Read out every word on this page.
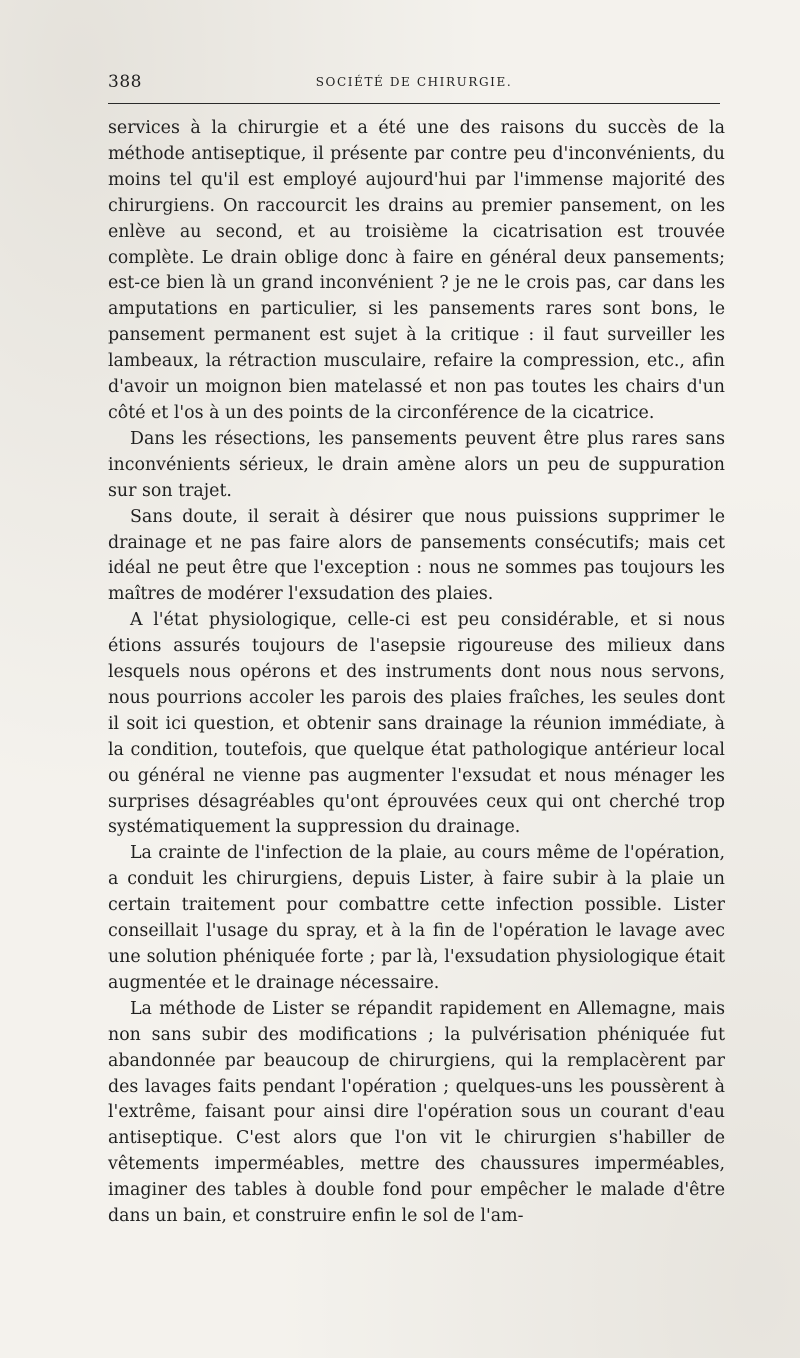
388	SOCIÉTÉ DE CHIRURGIE.

services à la chirurgie et a été une des raisons du succès de la méthode antiseptique, il présente par contre peu d'inconvénients, du moins tel qu'il est employé aujourd'hui par l'immense majorité des chirurgiens. On raccourcit les drains au premier pansement, on les enlève au second, et au troisième la cicatrisation est trouvée complète. Le drain oblige donc à faire en général deux pansements; est-ce bien là un grand inconvénient ? je ne le crois pas, car dans les amputations en particulier, si les pansements rares sont bons, le pansement permanent est sujet à la critique : il faut surveiller les lambeaux, la rétraction musculaire, refaire la compression, etc., afin d'avoir un moignon bien matelassé et non pas toutes les chairs d'un côté et l'os à un des points de la circonférence de la cicatrice.

Dans les résections, les pansements peuvent être plus rares sans inconvénients sérieux, le drain amène alors un peu de suppuration sur son trajet.

Sans doute, il serait à désirer que nous puissions supprimer le drainage et ne pas faire alors de pansements consécutifs; mais cet idéal ne peut être que l'exception : nous ne sommes pas toujours les maîtres de modérer l'exsudation des plaies.

A l'état physiologique, celle-ci est peu considérable, et si nous étions assurés toujours de l'asepsie rigoureuse des milieux dans lesquels nous opérons et des instruments dont nous nous servons, nous pourrions accoler les parois des plaies fraîches, les seules dont il soit ici question, et obtenir sans drainage la réunion immédiate, à la condition, toutefois, que quelque état pathologique antérieur local ou général ne vienne pas augmenter l'exsudat et nous ménager les surprises désagréables qu'ont éprouvées ceux qui ont cherché trop systématiquement la suppression du drainage.

La crainte de l'infection de la plaie, au cours même de l'opération, a conduit les chirurgiens, depuis Lister, à faire subir à la plaie un certain traitement pour combattre cette infection possible. Lister conseillait l'usage du spray, et à la fin de l'opération le lavage avec une solution phéniquée forte ; par là, l'exsudation physiologique était augmentée et le drainage nécessaire.

La méthode de Lister se répandit rapidement en Allemagne, mais non sans subir des modifications ; la pulvérisation phéniquée fut abandonnée par beaucoup de chirurgiens, qui la remplacèrent par des lavages faits pendant l'opération ; quelques-uns les poussèrent à l'extrême, faisant pour ainsi dire l'opération sous un courant d'eau antiseptique. C'est alors que l'on vit le chirurgien s'habiller de vêtements imperméables, mettre des chaussures imperméables, imaginer des tables à double fond pour empêcher le malade d'être dans un bain, et construire enfin le sol de l'am-
